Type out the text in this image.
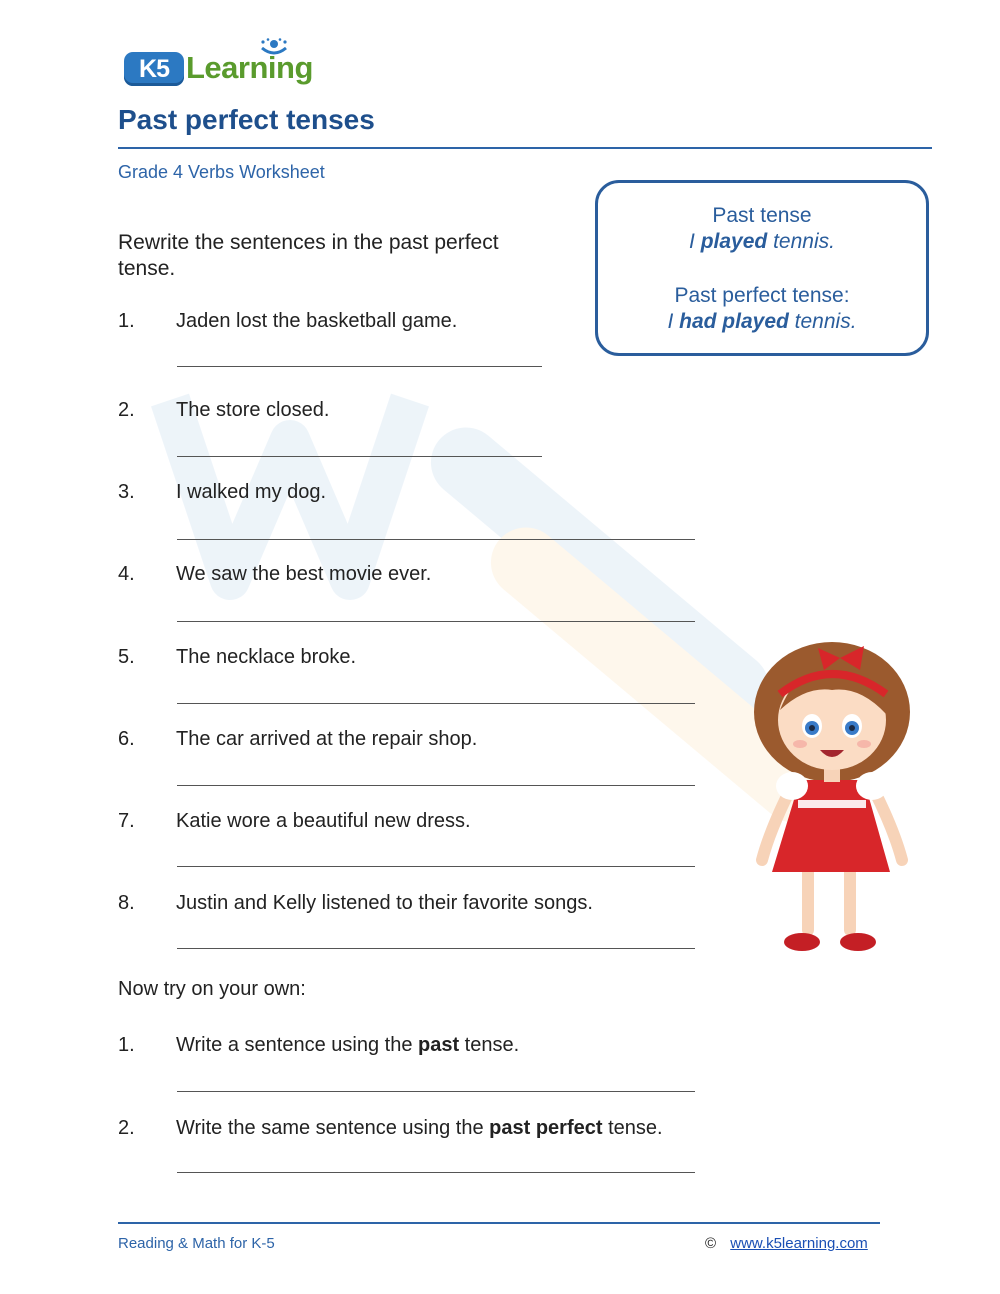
K5 Learning
Past perfect tenses
Grade 4 Verbs Worksheet
Rewrite the sentences in the past perfect tense.
Past tense
I played tennis.
Past perfect tense:
I had played tennis.
1.	Jaden lost the basketball game.
2.	The store closed.
3.	I walked my dog.
4.	We saw the best movie ever.
5.	The necklace broke.
6.	The car arrived at the repair shop.
7.	Katie wore a beautiful new dress.
8.	Justin and Kelly listened to their favorite songs.
Now try on your own:
1.	Write a sentence using the past tense.
2.	Write the same sentence using the past perfect tense.
Reading & Math for K-5	© www.k5learning.com
